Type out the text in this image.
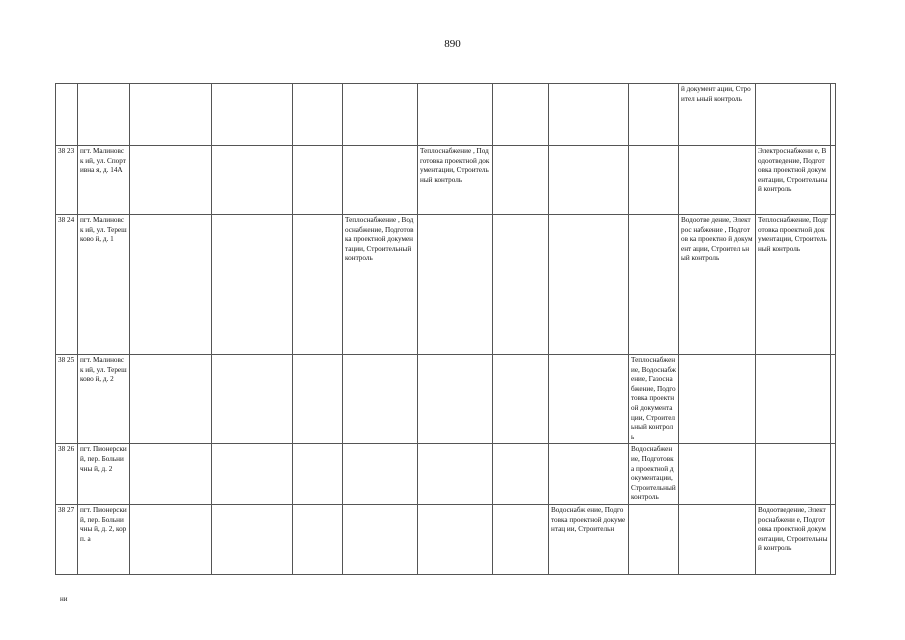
890
										й документ ации, Строител ьный контроль		
38 23	пгт. Малиновск ий, ул. Спортивна я, д. 14А					Теплоснабжение , Подготовка проектной документации, Строительный контроль					Электроснабжени е, Водоотведение, Подготовка проектной документации, Строительный контроль	
38 24	пгт. Малиновск ий, ул. Терешково й, д. 1				Теплоснабжение , Водоснабжение, Подготовка проектной документации, Строительный контроль					Водоотве дение, Электрос набжение , Подготов ка проектно й документ ации, Строител ьный контроль	Теплоснабжение, Подготовка проектной документации, Строительный контроль	
38 25	пгт. Малиновск ий, ул. Терешково й, д. 2								Теплоснабжение, Водоснабжение, Газоснабжение, Подготовка проектной документации, Строительный контроль			
38 26	пгт. Пионерски й, пер. Больничны й, д. 2								Водоснабжение, Подготовка проектной документации, Строительный контроль			
38 27	пгт. Пионерски й, пер. Больничны й, д. 2, корп. а							Водоснабж ение, Подготовка проектной документац ии, Строительн			Водоотведение, Электроснабжени е, Подготовка проектной документации, Строительный контроль	
ни
